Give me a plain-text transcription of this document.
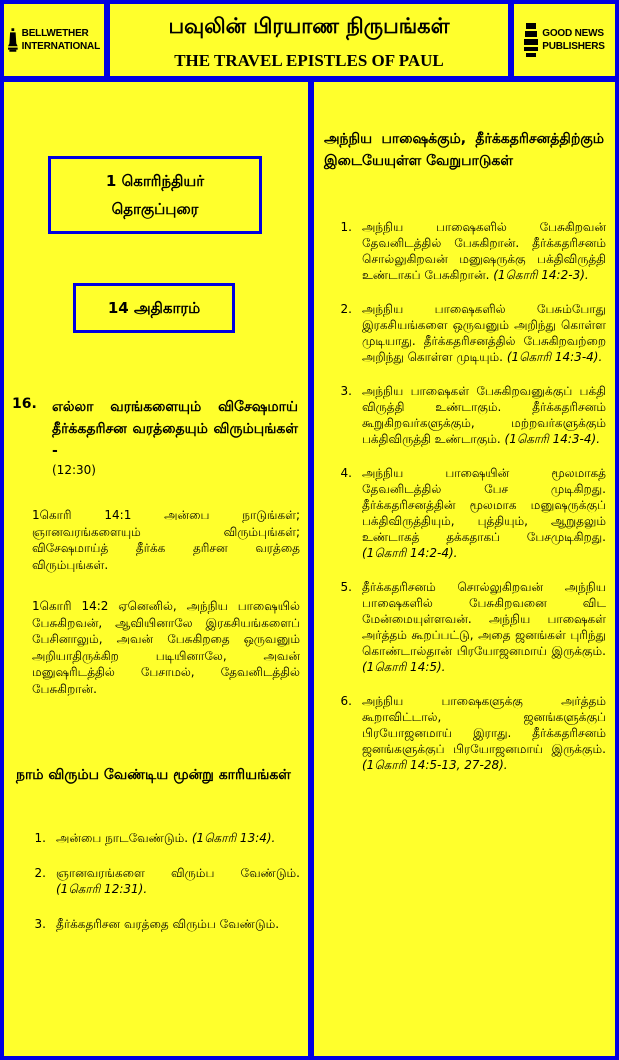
BELLWETHER
INTERNATIONAL
பவுலின் பிரயாண நிருபங்கள்
THE TRAVEL EPISTLES OF PAUL
GOOD NEWS
PUBLISHERS
1 கொரிந்தியர்
தொகுப்புரை
14 அதிகாரம்
16.	எல்லா வரங்களையும் விசேஷமாய் தீர்க்கதரிசன வரத்தையும் விரும்புங்கள் -
(12:30)
1கொரி 14:1 அன்பை நாடுங்கள்; ஞானவரங்களையும் விரும்புங்கள்; விசேஷமாய்த் தீர்க்க தரிசன வரத்தை விரும்புங்கள்.
1கொரி 14:2 ஏனெனில், அந்நிய பாஷையில் பேசுகிறவன், ஆவியினாலே இரகசியங்களைப் பேசினாலும், அவன் பேசுகிறதை ஒருவனும் அறியாதிருக்கிற படியினாலே, அவன் மனுஷரிடத்தில் பேசாமல், தேவனிடத்தில் பேசுகிறான்.
நாம் விரும்ப வேண்டிய மூன்று காரியங்கள்
1. அன்பை நாடவேண்டும். (1கொரி 13:4).
2. ஞானவரங்களை விரும்ப வேண்டும். (1கொரி 12:31).
3. தீர்க்கதரிசன வரத்தை விரும்ப வேண்டும்.
அந்நிய பாஷைக்கும், தீர்க்கதரிசனத்திற்கும் இடையேயுள்ள வேறுபாடுகள்
1. அந்நிய பாஷைகளில் பேசுகிறவன் தேவனிடத்தில் பேசுகிறான். தீர்க்கதரிசனம் சொல்லுகிறவன் மனுஷருக்கு பக்திவிருத்தி உண்டாகப் பேசுகிறான். (1கொரி 14:2-3).
2. அந்நிய பாஷைகளில் பேசும்போது இரகசியங்களை ஒருவனும் அறிந்து கொள்ள முடியாது. தீர்க்கதரிசனத்தில் பேசுகிறவற்றை அறிந்து கொள்ள முடியும். (1கொரி 14:3-4).
3. அந்நிய பாஷைகள் பேசுகிறவனுக்குப் பக்தி விருத்தி உண்டாகும். தீர்க்கதரிசனம் கூறுகிறவர்களுக்கும், மற்றவர்களுக்கும் பக்திவிருத்தி உண்டாகும். (1கொரி 14:3-4).
4. அந்நிய பாஷையின் மூலமாகத் தேவனிடத்தில் பேச முடிகிறது. தீர்க்கதரிசனத்தின் மூலமாக மனுஷருக்குப் பக்திவிருத்தியும், புத்தியும், ஆறுதலும் உண்டாகத் தக்கதாகப் பேசமுடிகிறது. (1கொரி 14:2-4).
5. தீர்க்கதரிசனம் சொல்லுகிறவன் அந்நிய பாஷைகளில் பேசுகிறவனை விட மேன்மையுள்ளவன். அந்நிய பாஷைகள் அர்த்தம் கூறப்பட்டு, அதை ஜனங்கள் புரிந்து கொண்டால்தான் பிரயோஜனமாய் இருக்கும். (1கொரி 14:5).
6. அந்நிய பாஷைகளுக்கு அர்த்தம் கூறாவிட்டால், ஜனங்களுக்குப் பிரயோஜனமாய் இராது. தீர்க்கதரிசனம் ஜனங்களுக்குப் பிரயோஜனமாய் இருக்கும். (1கொரி 14:5-13, 27-28).
